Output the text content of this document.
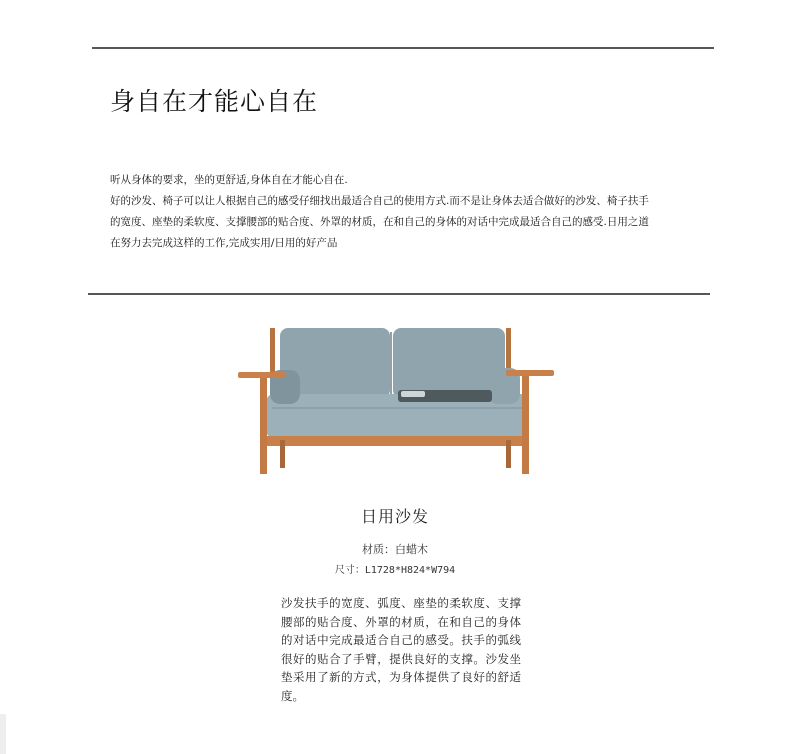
身自在才能心自在

听从身体的要求，坐的更舒适,身体自在才能心自在.

好的沙发、椅子可以让人根据自己的感受仔细找出最适合自己的使用方式.而不是让身体去适合做好的沙发、椅子扶手

的宽度、座垫的柔软度、支撑腰部的贴合度、外罩的材质，在和自己的身体的对话中完成最适合自己的感受.日用之道

在努力去完成这样的工作,完成实用/日用的好产品

日用沙发
材质：白蜡木
尺寸：L1728*H824*W794
沙发扶手的宽度、弧度、座垫的柔软度、支撑腰部的贴合度、外罩的材质，在和自己的身体的对话中完成最适合自己的感受。扶手的弧线很好的贴合了手臂，提供良好的支撑。沙发坐垫采用了新的方式，为身体提供了良好的舒适度。
